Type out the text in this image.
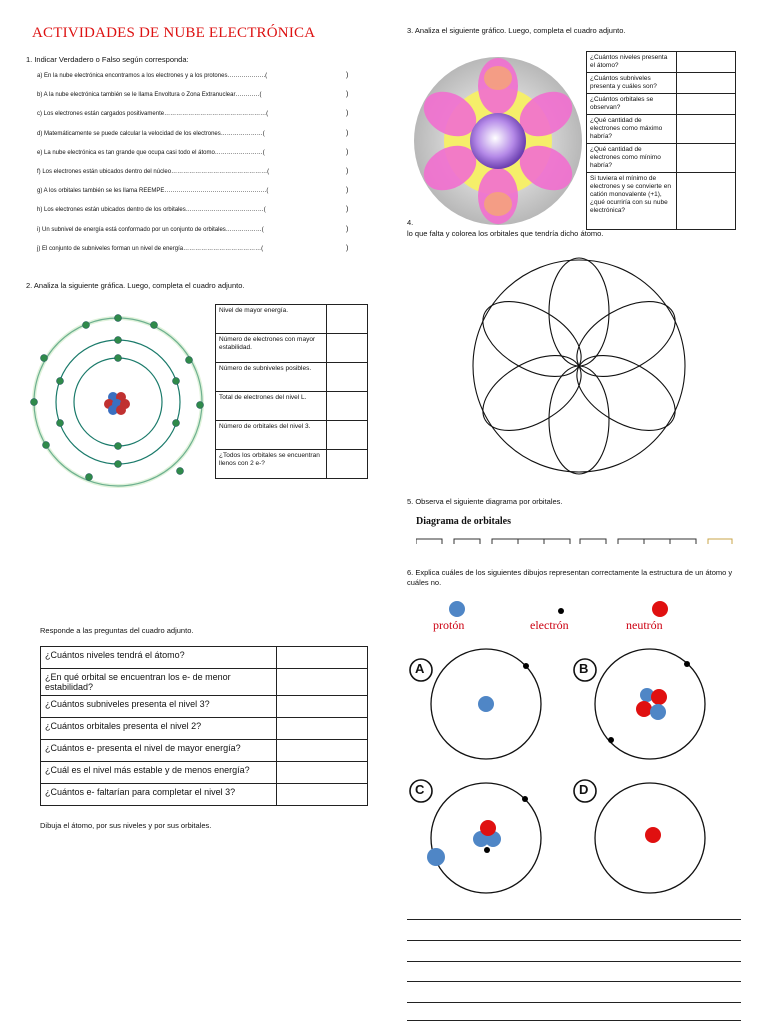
ACTIVIDADES DE NUBE ELECTRÓNICA
1. Indicar Verdadero o Falso según corresponda:
a) En la nube electrónica encontramos a los electrones y a los protones……………….(	)
b) A la nube electrónica también se le llama Envoltura o Zona Extranuclear…………(	)
c) Los electrones están cargados positivamente……………………………………………(	)
d) Matemáticamente se puede calcular la velocidad de los electrones…………………(	)
e) La nube electrónica es tan grande que ocupa casi todo el átomo……………………(	)
f) Los electrones están ubicados dentro del núcleo…………………………………………(	)
g) A los orbitales también se les llama REEMPE……………………………………………(	)
h) Los electrones están ubicados dentro de los orbitales…………………………………(	)
i) Un subnivel de energía está conformado por un conjunto de orbitales………………(	)
j) El conjunto de subniveles forman un nivel de energía…………………………………(	)
2. Analiza la siguiente gráfica. Luego, completa el cuadro adjunto.
Nivel de mayor energía.	
Número de electrones con mayor estabilidad.	
Número de subniveles posibles.	
Total de electrones del nivel L.	
Número de orbitales del nivel 3.	
¿Todos los orbitales se encuentran llenos con 2 e-?	
3. Analiza el siguiente gráfico. Luego, completa el cuadro adjunto.
¿Cuántos niveles presenta el átomo?	
¿Cuántos subniveles presenta y cuáles son?	
¿Cuántos orbitales se observan?	
¿Qué cantidad de electrones como máximo habría?	
¿Qué cantidad de electrones como mínimo habría?	
Si tuviera el mínimo de electrones y se convierte en catión monovalente (+1), ¿qué ocurriría con su nube electrónica?	
4.
lo que falta y colorea los orbitales que tendría dicho átomo.
5. Observa el siguiente diagrama por orbitales.
Diagrama de orbitales
6. Explica cuáles de los siguientes dibujos representan correctamente la estructura de un átomo y cuáles no.
protón	electrón	neutrón
A	B
C	D
Responde a las preguntas del cuadro adjunto.
¿Cuántos niveles tendrá el átomo?	
¿En qué orbital se encuentran los e- de menor estabilidad?	
¿Cuántos subniveles presenta el nivel 3?	
¿Cuántos orbitales presenta el nivel 2?	
¿Cuántos e- presenta el nivel de mayor energía?	
¿Cuál es el nivel más estable y de menos energía?	
¿Cuántos e- faltarían para completar el nivel 3?	
Dibuja el átomo, por sus niveles y por sus orbitales.
